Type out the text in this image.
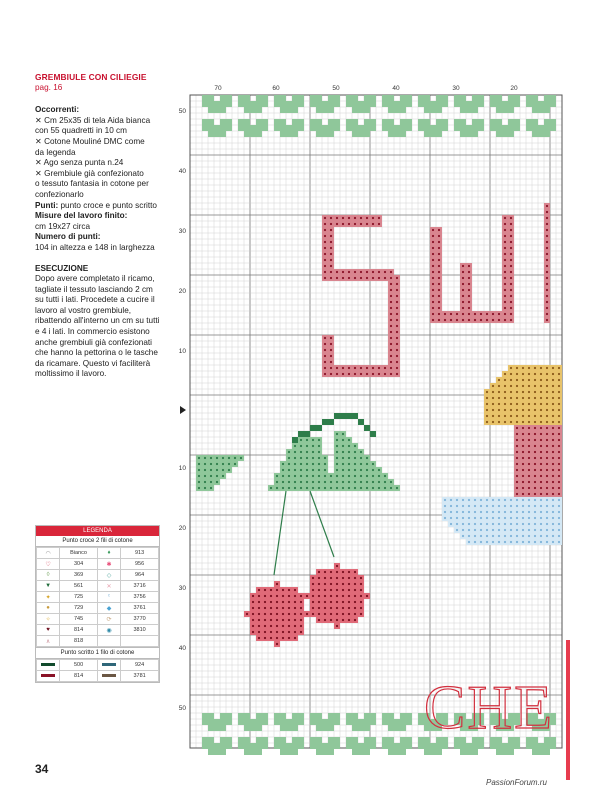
GREMBIULE CON CILIEGIE
pag. 16
Occorrenti:
✕ Cm 25x35 di tela Aida bianca
con 55 quadretti in 10 cm
✕ Cotone Mouliné DMC come
da legenda
✕ Ago senza punta n.24
✕ Grembiule già confezionato
o tessuto fantasia in cotone per
confezionarlo
Punti: punto croce e punto scritto
Misure del lavoro finito:
cm 19x27 circa
Numero di punti:
104 in altezza e 148 in larghezza
ESECUZIONE

Dopo avere completato il ricamo, tagliate il tessuto lasciando 2 cm su tutti i lati. Procedete a cucire il lavoro al vostro grembiule, ribattendo all'interno un cm su tutti e 4 i lati. In commercio esistono anche grembiuli già confezionati che hanno la pettorina o le tasche da ricamare. Questo vi faciliterà moltissimo il lavoro.

LEGENDA
Punto croce 2 fili di cotone
◠	Bianco	♦	913
♡	304	✱	956
◊	369	◇	964
▼	561	✕	3716
✦	725	ᶜ	3756
●	729	◆	3761
✧	745	⟳	3770
♥	814	◉	3810
∧	818		
Punto scritto 1 filo di cotone
	500		924
	814		3781
70	60	50	40	30	20
50
40
30
20
10
10
20
30
40
50	CHE
34
PassionForum.ru
